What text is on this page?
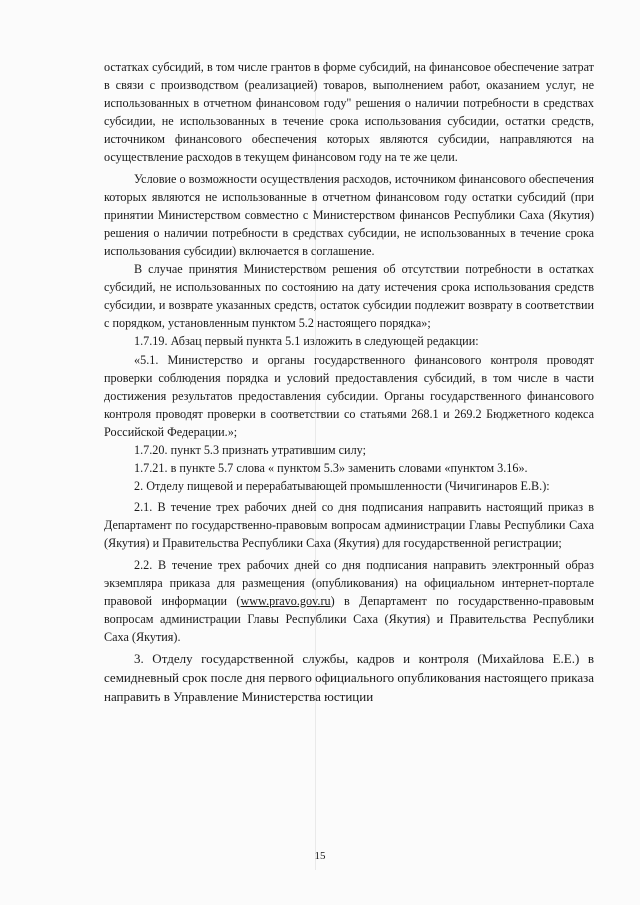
остатках субсидий, в том числе грантов в форме субсидий, на финансовое обеспечение затрат в связи с производством (реализацией) товаров, выполнением работ, оказанием услуг, не использованных в отчетном финансовом году" решения о наличии потребности в средствах субсидии, не использованных в течение срока использования субсидии, остатки средств, источником финансового обеспечения которых являются субсидии, направляются на осуществление расходов в текущем финансовом году на те же цели.

Условие о возможности осуществления расходов, источником финансового обеспечения которых являются не использованные в отчетном финансовом году остатки субсидий (при принятии Министерством совместно с Министерством финансов Республики Саха (Якутия) решения о наличии потребности в средствах субсидии, не использованных в течение срока использования субсидии) включается в соглашение.

В случае принятия Министерством решения об отсутствии потребности в остатках субсидий, не использованных по состоянию на дату истечения срока использования средств субсидии, и возврате указанных средств, остаток субсидии подлежит возврату в соответствии с порядком, установленным пунктом 5.2 настоящего порядка»;

1.7.19. Абзац первый пункта 5.1 изложить в следующей редакции:

«5.1. Министерство и органы государственного финансового контроля проводят проверки соблюдения порядка и условий предоставления субсидий, в том числе в части достижения результатов предоставления субсидии. Органы государственного финансового контроля проводят проверки в соответствии со статьями 268.1 и 269.2 Бюджетного кодекса Российской Федерации.»;

1.7.20. пункт 5.3 признать утратившим силу;

1.7.21. в пункте 5.7 слова « пунктом 5.3» заменить словами «пунктом 3.16».

2. Отделу пищевой и перерабатывающей промышленности (Чичигинаров Е.В.):

2.1. В течение трех рабочих дней со дня подписания направить настоящий приказ в Департамент по государственно-правовым вопросам администрации Главы Республики Саха (Якутия) и Правительства Республики Саха (Якутия) для государственной регистрации;

2.2. В течение трех рабочих дней со дня подписания направить электронный образ экземпляра приказа для размещения (опубликования) на официальном интернет-портале правовой информации (www.pravo.gov.ru) в Департамент по государственно-правовым вопросам администрации Главы Республики Саха (Якутия) и Правительства Республики Саха (Якутия).

3. Отделу государственной службы, кадров и контроля (Михайлова Е.Е.) в семидневный срок после дня первого официального опубликования настоящего приказа направить в Управление Министерства юстиции

15
